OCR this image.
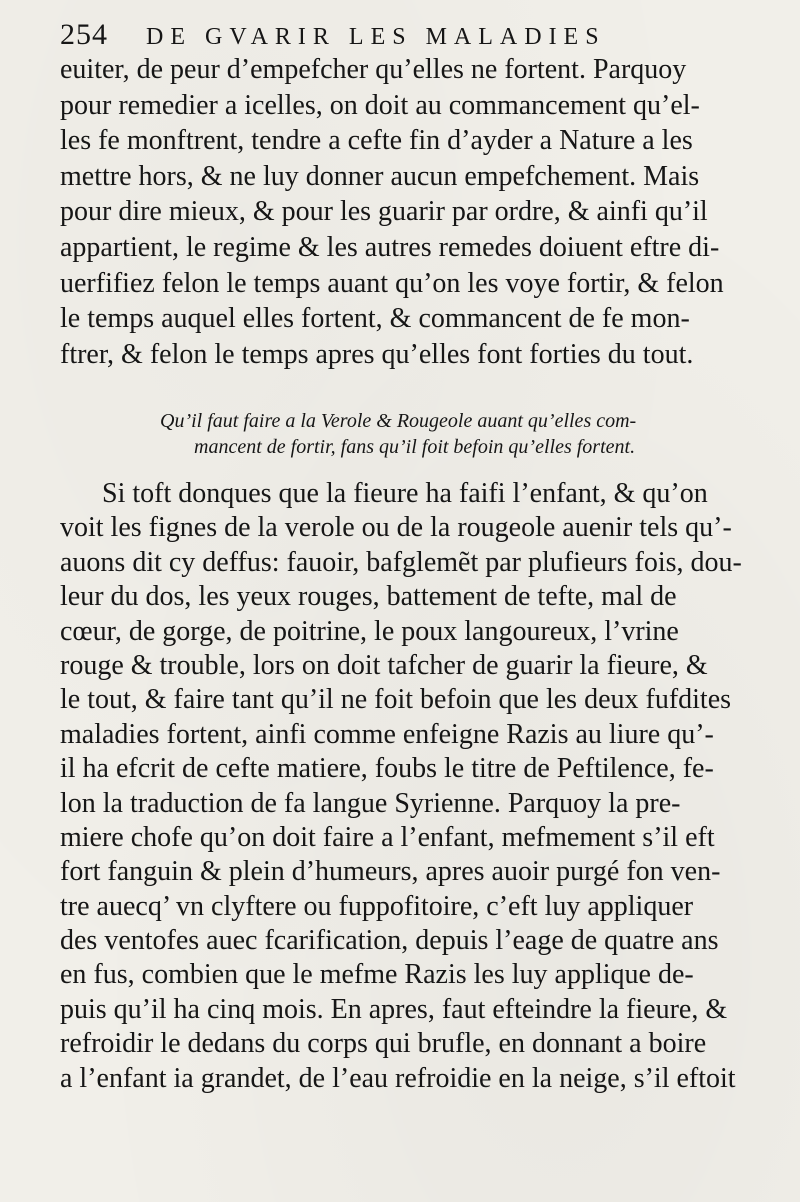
254 DE GVARIR LES MALADIES
euiter, de peur d’empefcher qu’elles ne fortent. Parquoy
pour remedier a icelles, on doit au commancement qu’el-
les fe monftrent, tendre a cefte fin d’ayder a Nature a les
mettre hors, & ne luy donner aucun empefchement. Mais
pour dire mieux, & pour les guarir par ordre, & ainfi qu’il
appartient, le regime & les autres remedes doiuent eftre di-
uerfifiez felon le temps auant qu’on les voye fortir, & felon
le temps auquel elles fortent, & commancent de fe mon-
ftrer, & felon le temps apres qu’elles font forties du tout.
Qu’il faut faire a la Verole & Rougeole auant qu’elles com-
mancent de fortir, fans qu’il foit befoin qu’elles fortent.
Si toft donques que la fieure ha faifi l’enfant, & qu’on
voit les fignes de la verole ou de la rougeole auenir tels qu’-
auons dit cy deffus: fauoir, bafglemẽt par plufieurs fois, dou-
leur du dos, les yeux rouges, battement de tefte, mal de
cœur, de gorge, de poitrine, le poux langoureux, l’vrine
rouge & trouble, lors on doit tafcher de guarir la fieure, &
le tout, & faire tant qu’il ne foit befoin que les deux fufdites
maladies fortent, ainfi comme enfeigne Razis au liure qu’-
il ha efcrit de cefte matiere, foubs le titre de Peftilence, fe-
lon la traduction de fa langue Syrienne. Parquoy la pre-
miere chofe qu’on doit faire a l’enfant, mefmement s’il eft
fort fanguin & plein d’humeurs, apres auoir purgé fon ven-
tre auecq’ vn clyftere ou fuppofitoire, c’eft luy appliquer
des ventofes auec fcarification, depuis l’eage de quatre ans
en fus, combien que le mefme Razis les luy applique de-
puis qu’il ha cinq mois. En apres, faut efteindre la fieure, &
refroidir le dedans du corps qui brufle, en donnant a boire
a l’enfant ia grandet, de l’eau refroidie en la neige, s’il eftoit
